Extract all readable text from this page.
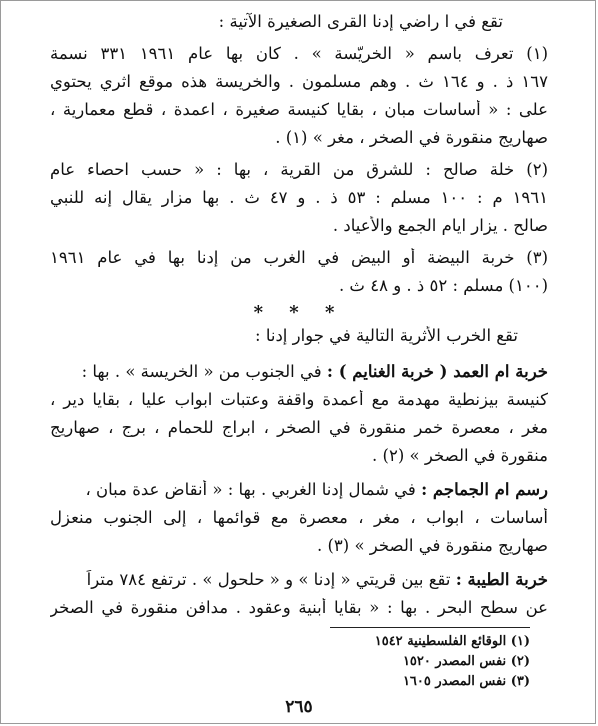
تقع في ا راضي إدنا القرى الصغيرة الآتية :
(١) تعرف باسم « الخريّسة » . كان بها عام ١٩٦١ ٣٣١ نسمة
١٦٧ ذ . و ١٦٤ ث . وهم مسلمون . والخريسة هذه موقع اثري يحتوي
على : « أساسات مبان ، بقايا كنيسة صغيرة ، اعمدة ، قطع معمارية ،
صهاريج منقورة في الصخر ، مغر » (١) .
(٢) خلة صالح : للشرق من القرية ، بها : « حسب احصاء عام
١٩٦١ م : ١٠٠ مسلم : ٥٣ ذ . و ٤٧ ث . بها مزار يقال إنه للنبي
صالح . يزار ايام الجمع والأعياد .
(٣) خربة البيضة أو البيض في الغرب من إدنا بها في عام ١٩٦١
(١٠٠) مسلم : ٥٢ ذ . و ٤٨ ث .
* * *
تقع الخرب الأثرية التالية في جوار إدنا :
خربة ام العمد ( خربة الغنايم ) : في الجنوب من « الخريسة » . بها :
كنيسة بيزنطية مهدمة مع أعمدة واقفة وعتبات ابواب عليا ، بقايا دير ،
مغر ، معصرة خمر منقورة في الصخر ، ابراج للحمام ، برج ، صهاريج
منقورة في الصخر » (٢) .
رسم ام الجماجم : في شمال إدنا الغربي . بها : « أنقاض عدة مبان ،
أساسات ، ابواب ، مغر ، معصرة مع قوائمها ، إلى الجنوب منعزل
صهاريج منقورة في الصخر » (٣) .
خربة الطيبة : تقع بين قريتي « إدنا » و « حلحول » . ترتفع ٧٨٤ متراً
عن سطح البحر . بها : « بقايا أبنية وعقود . مدافن منقورة في الصخر
(١) الوقائع الفلسطينية ١٥٤٢
(٢) نفس المصدر ١٥٢٠
(٣) نفس المصدر ١٦٠٥
٢٦٥
